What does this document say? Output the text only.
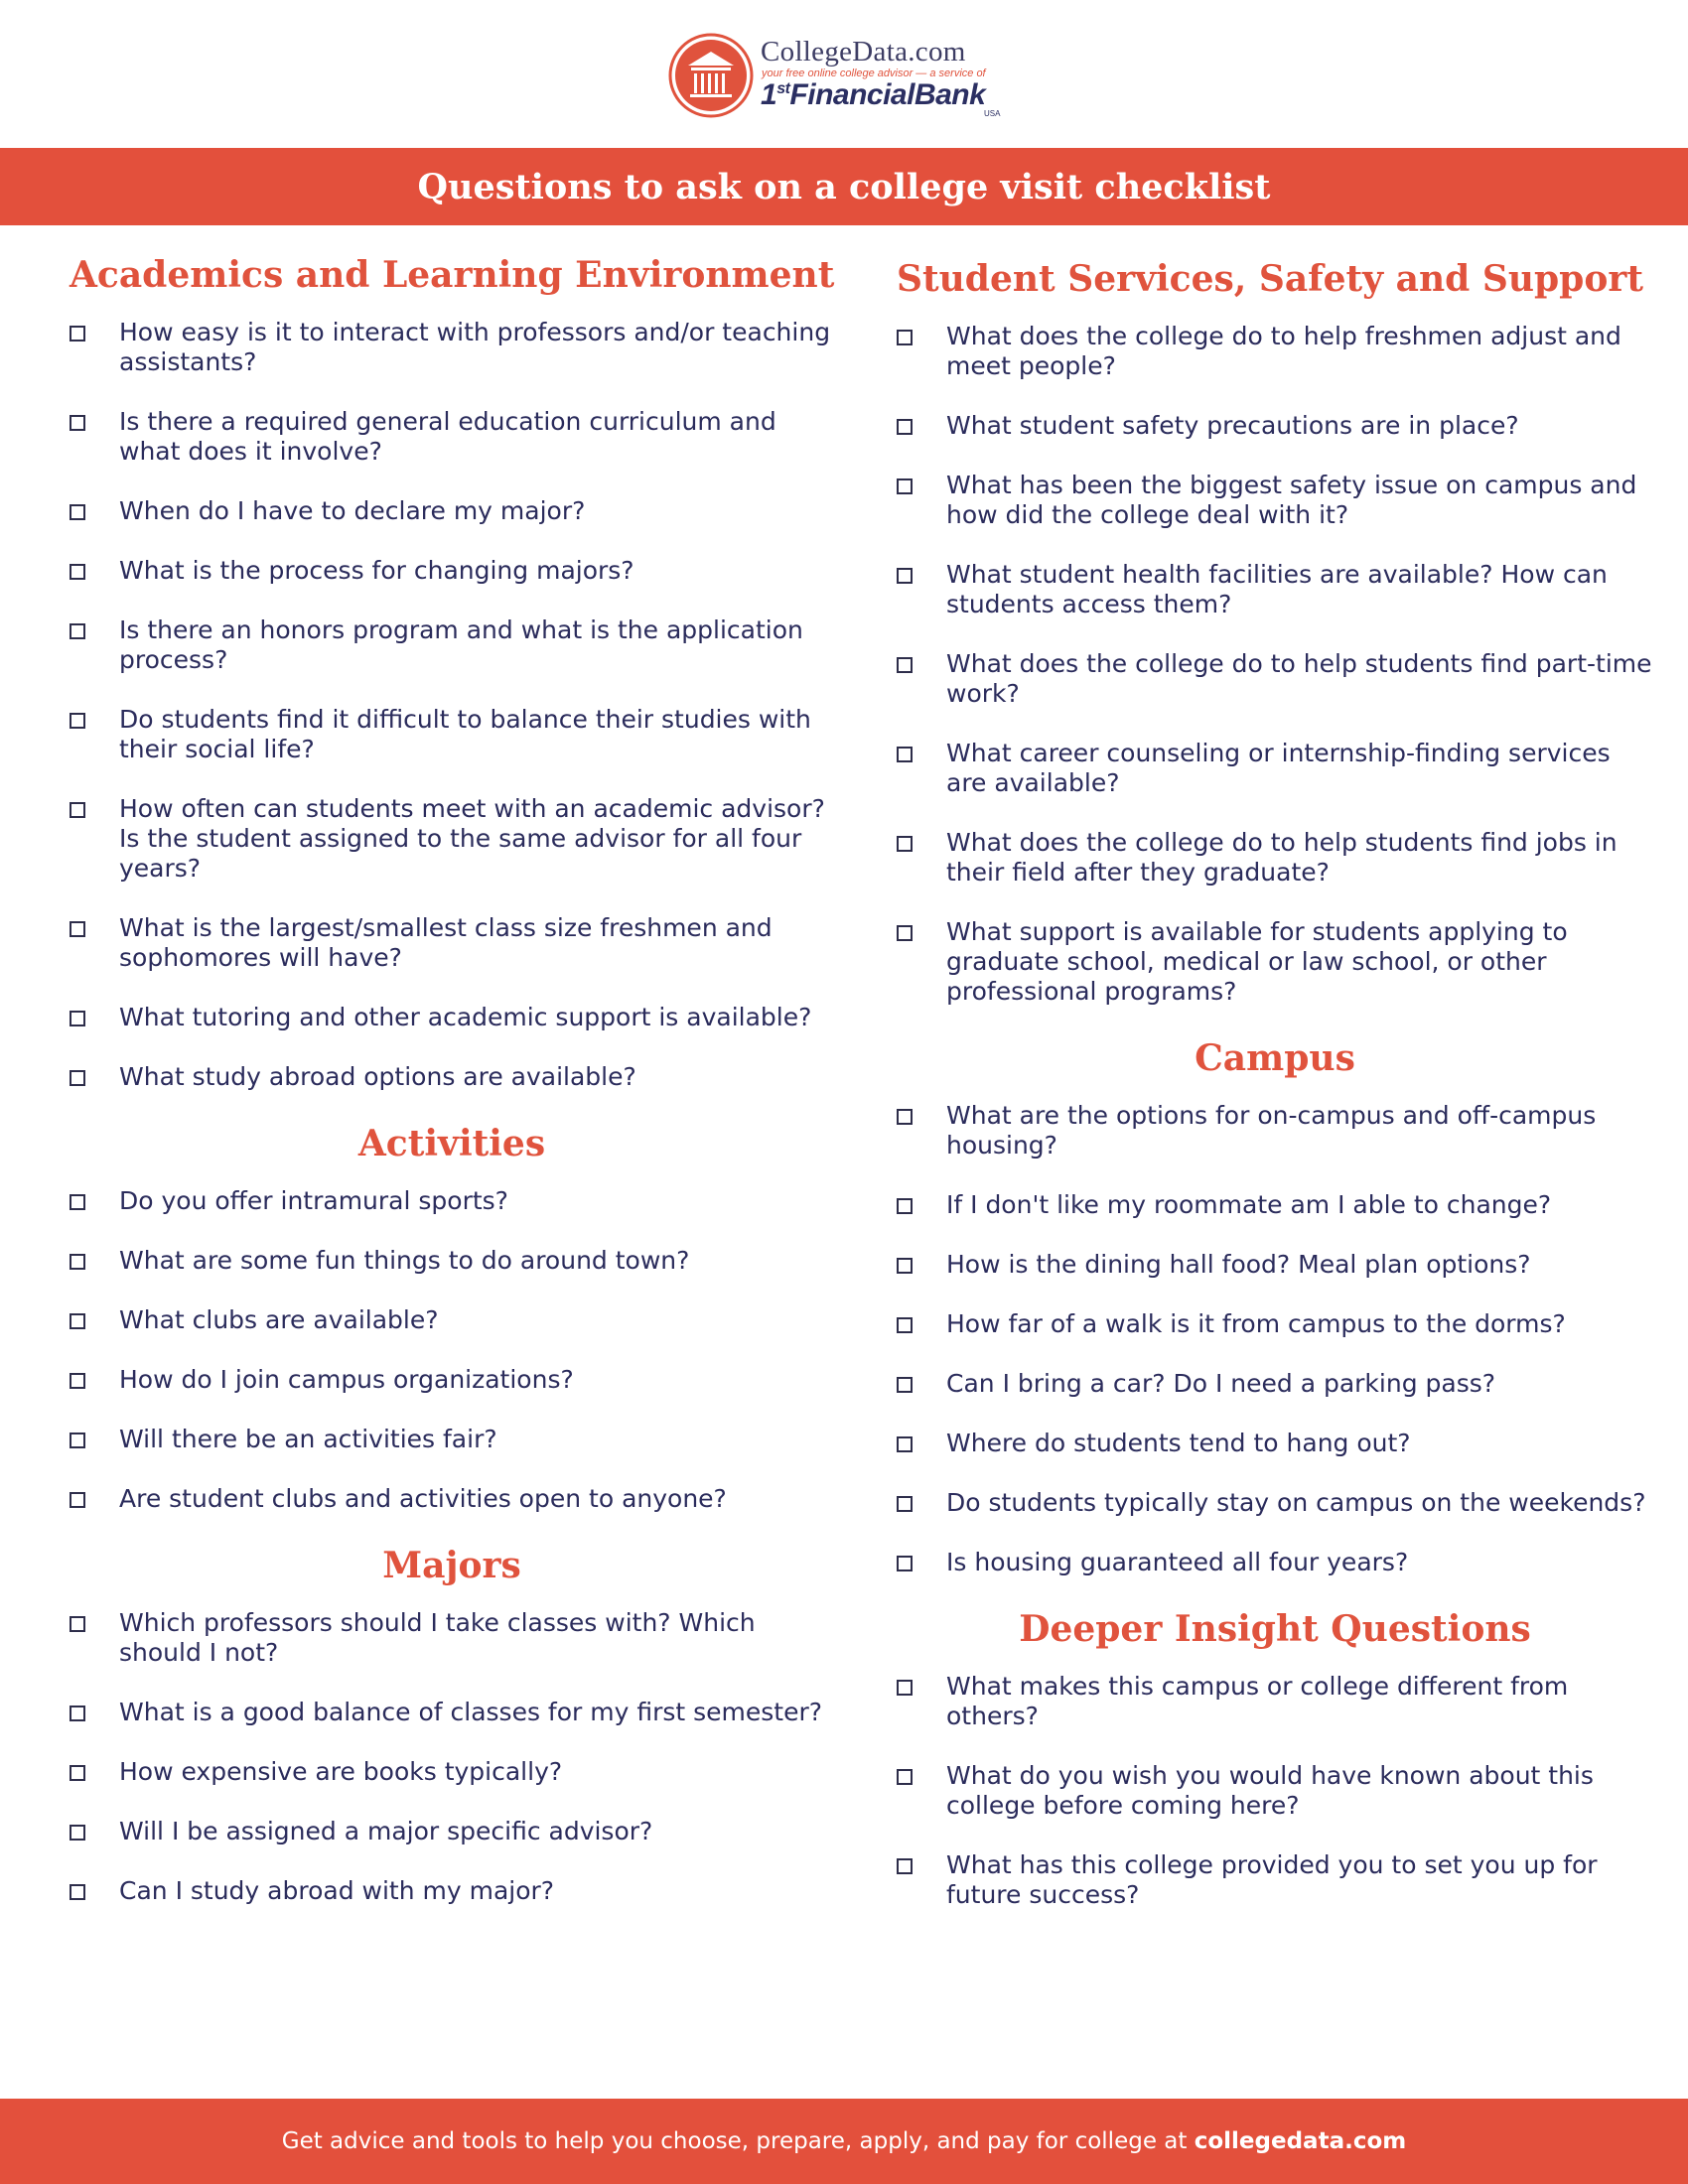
CollegeData.com
your free online college advisor — a service of
1stFinancialBank
USA
Questions to ask on a college visit checklist
Academics and Learning Environment
How easy is it to interact with professors and/or teaching assistants?
Is there a required general education curriculum and what does it involve?
When do I have to declare my major?
What is the process for changing majors?
Is there an honors program and what is the application process?
Do students find it difficult to balance their studies with their social life?
How often can students meet with an academic advisor? Is the student assigned to the same advisor for all four years?
What is the largest/smallest class size freshmen and sophomores will have?
What tutoring and other academic support is available?
What study abroad options are available?
Activities
Do you offer intramural sports?
What are some fun things to do around town?
What clubs are available?
How do I join campus organizations?
Will there be an activities fair?
Are student clubs and activities open to anyone?
Majors
Which professors should I take classes with? Which should I not?
What is a good balance of classes for my first semester?
How expensive are books typically?
Will I be assigned a major specific advisor?
Can I study abroad with my major?
Student Services, Safety and Support
What does the college do to help freshmen adjust and meet people?
What student safety precautions are in place?
What has been the biggest safety issue on campus and how did the college deal with it?
What student health facilities are available? How can students access them?
What does the college do to help students find part-time work?
What career counseling or internship-finding services are available?
What does the college do to help students find jobs in their field after they graduate?
What support is available for students applying to graduate school, medical or law school, or other professional programs?
Campus
What are the options for on-campus and off-campus housing?
If I don't like my roommate am I able to change?
How is the dining hall food? Meal plan options?
How far of a walk is it from campus to the dorms?
Can I bring a car? Do I need a parking pass?
Where do students tend to hang out?
Do students typically stay on campus on the weekends?
Is housing guaranteed all four years?
Deeper Insight Questions
What makes this campus or college different from others?
What do you wish you would have known about this college before coming here?
What has this college provided you to set you up for future success?
Get advice and tools to help you choose, prepare, apply, and pay for college at collegedata.com
